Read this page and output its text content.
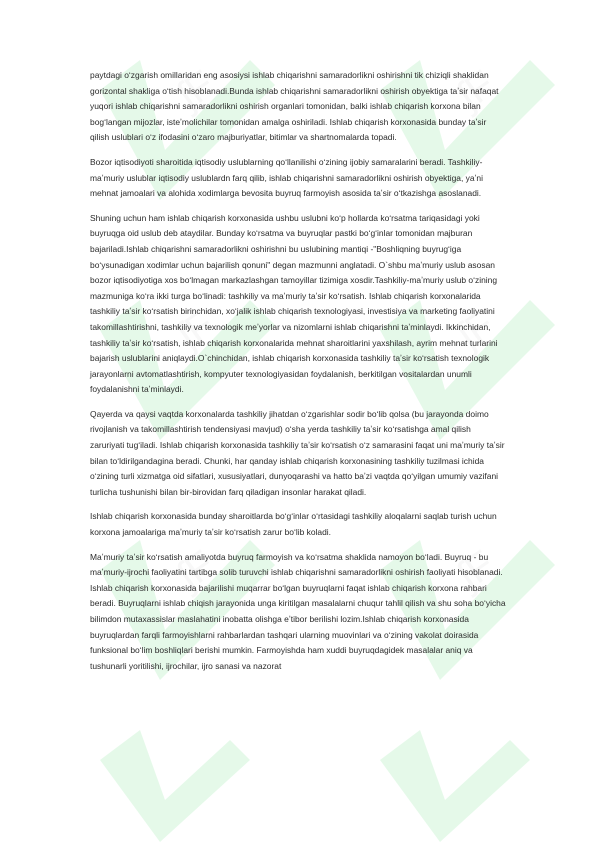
ʃF
ʃF
ʃF
ʃF
ʃF
ʃF

paytdagi oʻzgarish omillaridan eng asosiysi ishlab chiqarishni samaradorlikni oshirishni tik chiziqli shaklidan gorizontal shakliga oʻtish hisoblanadi.Bunda ishlab chiqarishni samaradorlikni oshirish obyektiga taʼsir nafaqat yuqori ishlab chiqarishni samaradorlikni oshirish organlari tomonidan, balki ishlab chiqarish korxona bilan bogʻlangan mijozlar, isteʼmolichilar tomonidan amalga oshiriladi. Ishlab chiqarish korxonasida bunday taʼsir qilish uslublari oʻz ifodasini oʻzaro majburiyatlar, bitimlar va shartnomalarda topadi.

Bozor iqtisodiyoti sharoitida iqtisodiy uslublarning qoʻllanilishi oʻzining ijobiy samaralarini beradi. Tashkiliy-maʼmuriy uslublar iqtisodiy uslublardn farq qilib, ishlab chiqarishni samaradorlikni oshirish obyektiga, yaʼni mehnat jamoalari va alohida xodimlarga bevosita buyruq farmoyish asosida taʼsir oʻtkazishga asoslanadi.

Shuning uchun ham ishlab chiqarish korxonasida ushbu uslubni koʻp hollarda koʻrsatma tariqasidagi yoki buyruqga oid uslub deb ataydilar. Bunday koʻrsatma va buyruqlar pastki boʻgʻinlar tomonidan majburan bajariladi.Ishlab chiqarishni samaradorlikni oshirishni bu uslubining mantiqi -"Boshliqning buyrugʻiga boʻysunadigan xodimlar uchun bajarilish qonuni" degan mazmunni anglatadi. O`shbu maʼmuriy uslub asosan bozor iqtisodiyotiga xos boʻlmagan markazlashgan tamoyillar tizimiga xosdir.Tashkiliy-maʼmuriy uslub oʻzining mazmuniga koʻra ikki turga boʻlinadi: tashkiliy va maʼmuriy taʼsir koʻrsatish. Ishlab chiqarish korxonalarida tashkiliy taʼsir koʻrsatish birinchidan, xoʻjalik ishlab chiqarish texnologiyasi, investisiya va marketing faoliyatini takomillashtirishni, tashkiliy va texnologik meʼyorlar va nizomlarni ishlab chiqarishni taʼminlaydi. Ikkinchidan, tashkiliy taʼsir koʻrsatish, ishlab chiqarish korxonalarida mehnat sharoitlarini yaxshilash, ayrim mehnat turlarini bajarish uslublarini aniqlaydi.O`chinchidan, ishlab chiqarish korxonasida tashkiliy taʼsir koʻrsatish texnologik jarayonlarni avtomatlashtirish, kompyuter texnologiyasidan foydalanish, berkitilgan vositalardan unumli foydalanishni taʼminlaydi.

Qayerda va qaysi vaqtda korxonalarda tashkiliy jihatdan oʻzgarishlar sodir boʻlib qolsa (bu jarayonda doimo rivojlanish va takomillashtirish tendensiyasi mavjud) oʻsha yerda tashkiliy taʼsir koʻrsatishga amal qilish zaruriyati tugʻiladi. Ishlab chiqarish korxonasida tashkiliy taʼsir koʻrsatish oʻz samarasini faqat uni maʼmuriy taʼsir bilan toʻldirilgandagina beradi. Chunki, har qanday ishlab chiqarish korxonasining tashkiliy tuzilmasi ichida oʻzining turli xizmatga oid sifatlari, xususiyatlari, dunyoqarashi va hatto baʼzi vaqtda qoʻyilgan umumiy vazifani turlicha tushunishi bilan bir-birovidan farq qiladigan insonlar harakat qiladi.

Ishlab chiqarish korxonasida bunday sharoitlarda boʻgʻinlar oʻrtasidagi tashkiliy aloqalarni saqlab turish uchun korxona jamoalariga maʼmuriy taʼsir koʻrsatish zarur boʻlib koladi.

Maʼmuriy taʼsir koʻrsatish amaliyotda buyruq farmoyish va koʻrsatma shaklida namoyon boʻladi. Buyruq - bu maʼmuriy-ijrochi faoliyatini tartibga solib turuvchi ishlab chiqarishni samaradorlikni oshirish faoliyati hisoblanadi. Ishlab chiqarish korxonasida bajarilishi muqarrar boʻlgan buyruqlarni faqat ishlab chiqarish korxona rahbari beradi. Buyruqlarni ishlab chiqish jarayonida unga kiritilgan masalalarni chuqur tahlil qilish va shu soha boʻyicha bilimdon mutaxassislar maslahatini inobatta olishga eʼtibor berilishi lozim.Ishlab chiqarish korxonasida buyruqlardan farqli farmoyishlarni rahbarlardan tashqari ularning muovinlari va oʻzining vakolat doirasida funksional boʻlim boshliqlari berishi mumkin. Farmoyishda ham xuddi buyruqdagidek masalalar aniq va tushunarli yoritilishi, ijrochilar, ijro sanasi va nazorat
